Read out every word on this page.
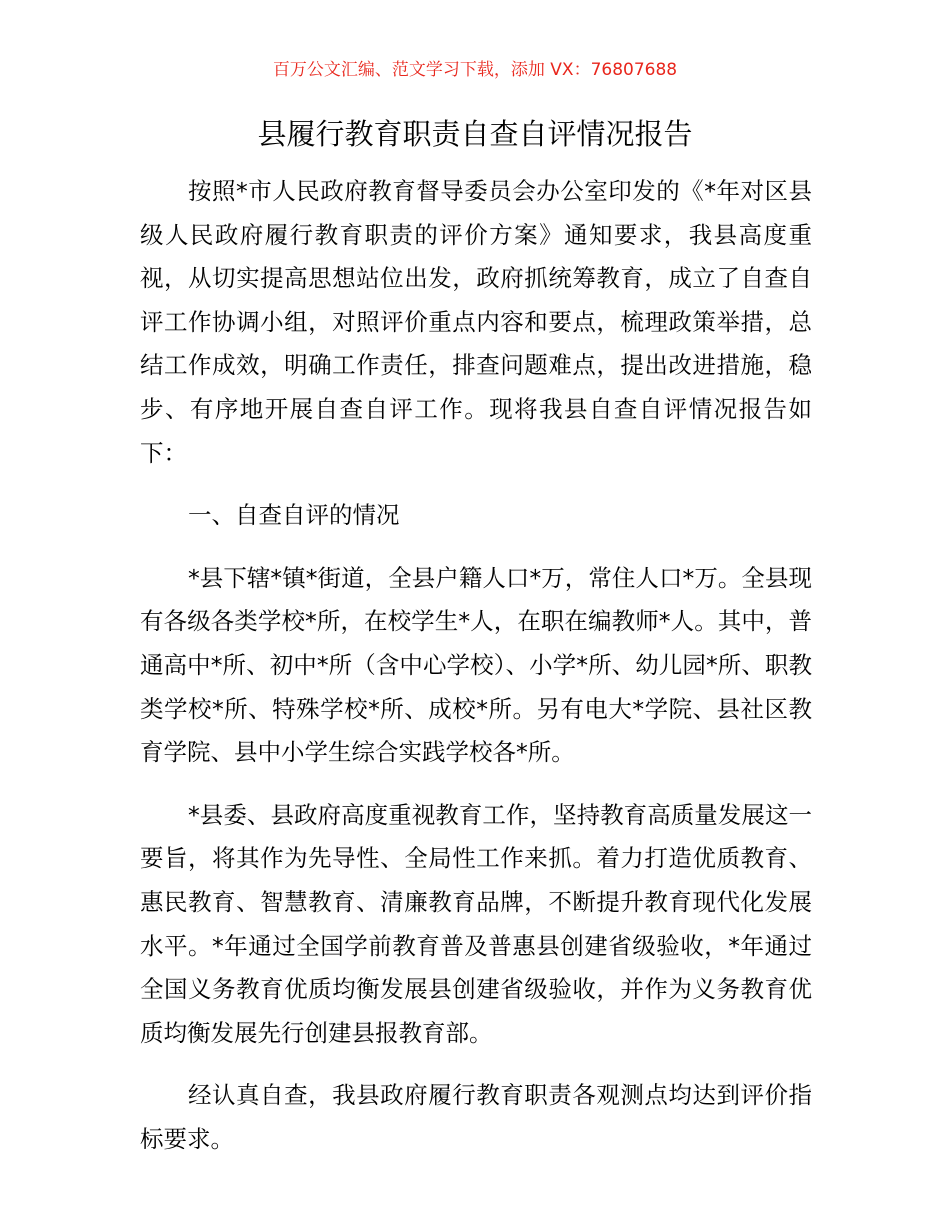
百万公文汇编、范文学习下载，添加 VX：76807688
县履行教育职责自查自评情况报告

按照*市人民政府教育督导委员会办公室印发的《*年对区县级人民政府履行教育职责的评价方案》通知要求，我县高度重视，从切实提高思想站位出发，政府抓统筹教育，成立了自查自评工作协调小组，对照评价重点内容和要点，梳理政策举措，总结工作成效，明确工作责任，排查问题难点，提出改进措施，稳步、有序地开展自查自评工作。现将我县自查自评情况报告如下：

一、自查自评的情况

*县下辖*镇*街道，全县户籍人口*万，常住人口*万。全县现有各级各类学校*所，在校学生*人，在职在编教师*人。其中，普通高中*所、初中*所（含中心学校）、小学*所、幼儿园*所、职教类学校*所、特殊学校*所、成校*所。另有电大*学院、县社区教育学院、县中小学生综合实践学校各*所。

*县委、县政府高度重视教育工作，坚持教育高质量发展这一要旨，将其作为先导性、全局性工作来抓。着力打造优质教育、惠民教育、智慧教育、清廉教育品牌，不断提升教育现代化发展水平。*年通过全国学前教育普及普惠县创建省级验收，*年通过全国义务教育优质均衡发展县创建省级验收，并作为义务教育优质均衡发展先行创建县报教育部。

经认真自查，我县政府履行教育职责各观测点均达到评价指标要求。
